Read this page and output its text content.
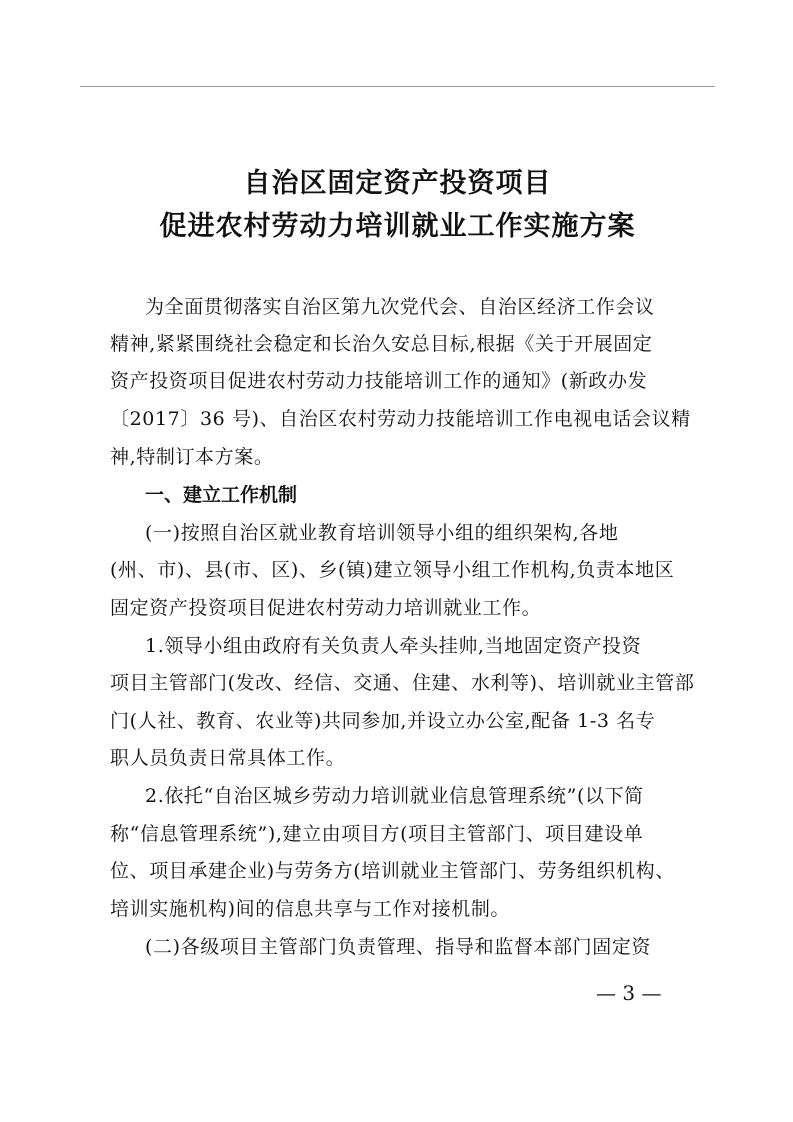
自治区固定资产投资项目
促进农村劳动力培训就业工作实施方案
为全面贯彻落实自治区第九次党代会、自治区经济工作会议
精神,紧紧围绕社会稳定和长治久安总目标,根据《关于开展固定
资产投资项目促进农村劳动力技能培训工作的通知》(新政办发
〔2017〕36 号)、自治区农村劳动力技能培训工作电视电话会议精
神,特制订本方案。
一、建立工作机制
(一)按照自治区就业教育培训领导小组的组织架构,各地
(州、市)、县(市、区)、乡(镇)建立领导小组工作机构,负责本地区
固定资产投资项目促进农村劳动力培训就业工作。
1.领导小组由政府有关负责人牵头挂帅,当地固定资产投资
项目主管部门(发改、经信、交通、住建、水利等)、培训就业主管部
门(人社、教育、农业等)共同参加,并设立办公室,配备 1-3 名专
职人员负责日常具体工作。
2.依托“自治区城乡劳动力培训就业信息管理系统”(以下简
称“信息管理系统”),建立由项目方(项目主管部门、项目建设单
位、项目承建企业)与劳务方(培训就业主管部门、劳务组织机构、
培训实施机构)间的信息共享与工作对接机制。
(二)各级项目主管部门负责管理、指导和监督本部门固定资
— 3 —
